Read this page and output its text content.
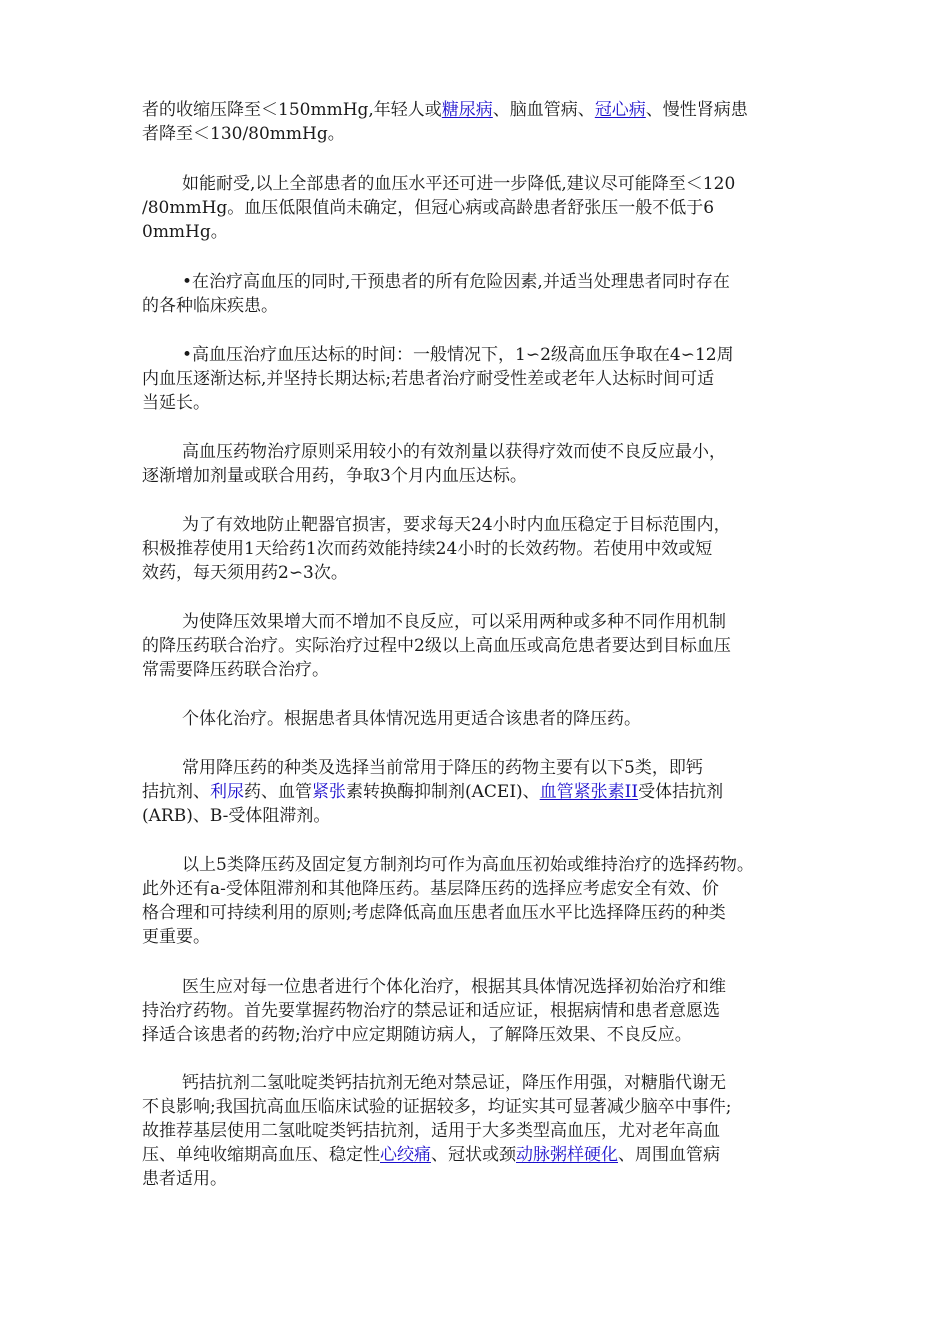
者的收缩压降至＜150mmHg,年轻人或糖尿病、脑血管病、冠心病、慢性肾病患
者降至＜130/80mmHg。

如能耐受,以上全部患者的血压水平还可进一步降低,建议尽可能降至＜120
/80mmHg。血压低限值尚未确定，但冠心病或高龄患者舒张压一般不低于6
0mmHg。

•在治疗高血压的同时,干预患者的所有危险因素,并适当处理患者同时存在
的各种临床疾患。

•高血压治疗血压达标的时间：一般情况下，1∽2级高血压争取在4∽12周
内血压逐渐达标,并坚持长期达标;若患者治疗耐受性差或老年人达标时间可适
当延长。

高血压药物治疗原则采用较小的有效剂量以获得疗效而使不良反应最小，
逐渐增加剂量或联合用药，争取3个月内血压达标。

为了有效地防止靶器官损害，要求每天24小时内血压稳定于目标范围内，
积极推荐使用1天给药1次而药效能持续24小时的长效药物。若使用中效或短
效药，每天须用药2∽3次。

为使降压效果增大而不增加不良反应，可以采用两种或多种不同作用机制
的降压药联合治疗。实际治疗过程中2级以上高血压或高危患者要达到目标血压
常需要降压药联合治疗。

个体化治疗。根据患者具体情况选用更适合该患者的降压药。

常用降压药的种类及选择当前常用于降压的药物主要有以下5类，即钙
拮抗剂、利尿药、血管紧张素转换酶抑制剂(ACEI)、血管紧张素II受体拮抗剂
(ARB)、B-受体阻滞剂。

以上5类降压药及固定复方制剂均可作为高血压初始或维持治疗的选择药物。
此外还有a-受体阻滞剂和其他降压药。基层降压药的选择应考虑安全有效、价
格合理和可持续利用的原则;考虑降低高血压患者血压水平比选择降压药的种类
更重要。

医生应对每一位患者进行个体化治疗，根据其具体情况选择初始治疗和维
持治疗药物。首先要掌握药物治疗的禁忌证和适应证，根据病情和患者意愿选
择适合该患者的药物;治疗中应定期随访病人，了解降压效果、不良反应。

钙拮抗剂二氢吡啶类钙拮抗剂无绝对禁忌证，降压作用强，对糖脂代谢无
不良影响;我国抗高血压临床试验的证据较多，均证实其可显著减少脑卒中事件;
故推荐基层使用二氢吡啶类钙拮抗剂，适用于大多类型高血压，尤对老年高血
压、单纯收缩期高血压、稳定性心绞痛、冠状或颈动脉粥样硬化、周围血管病
患者适用。
